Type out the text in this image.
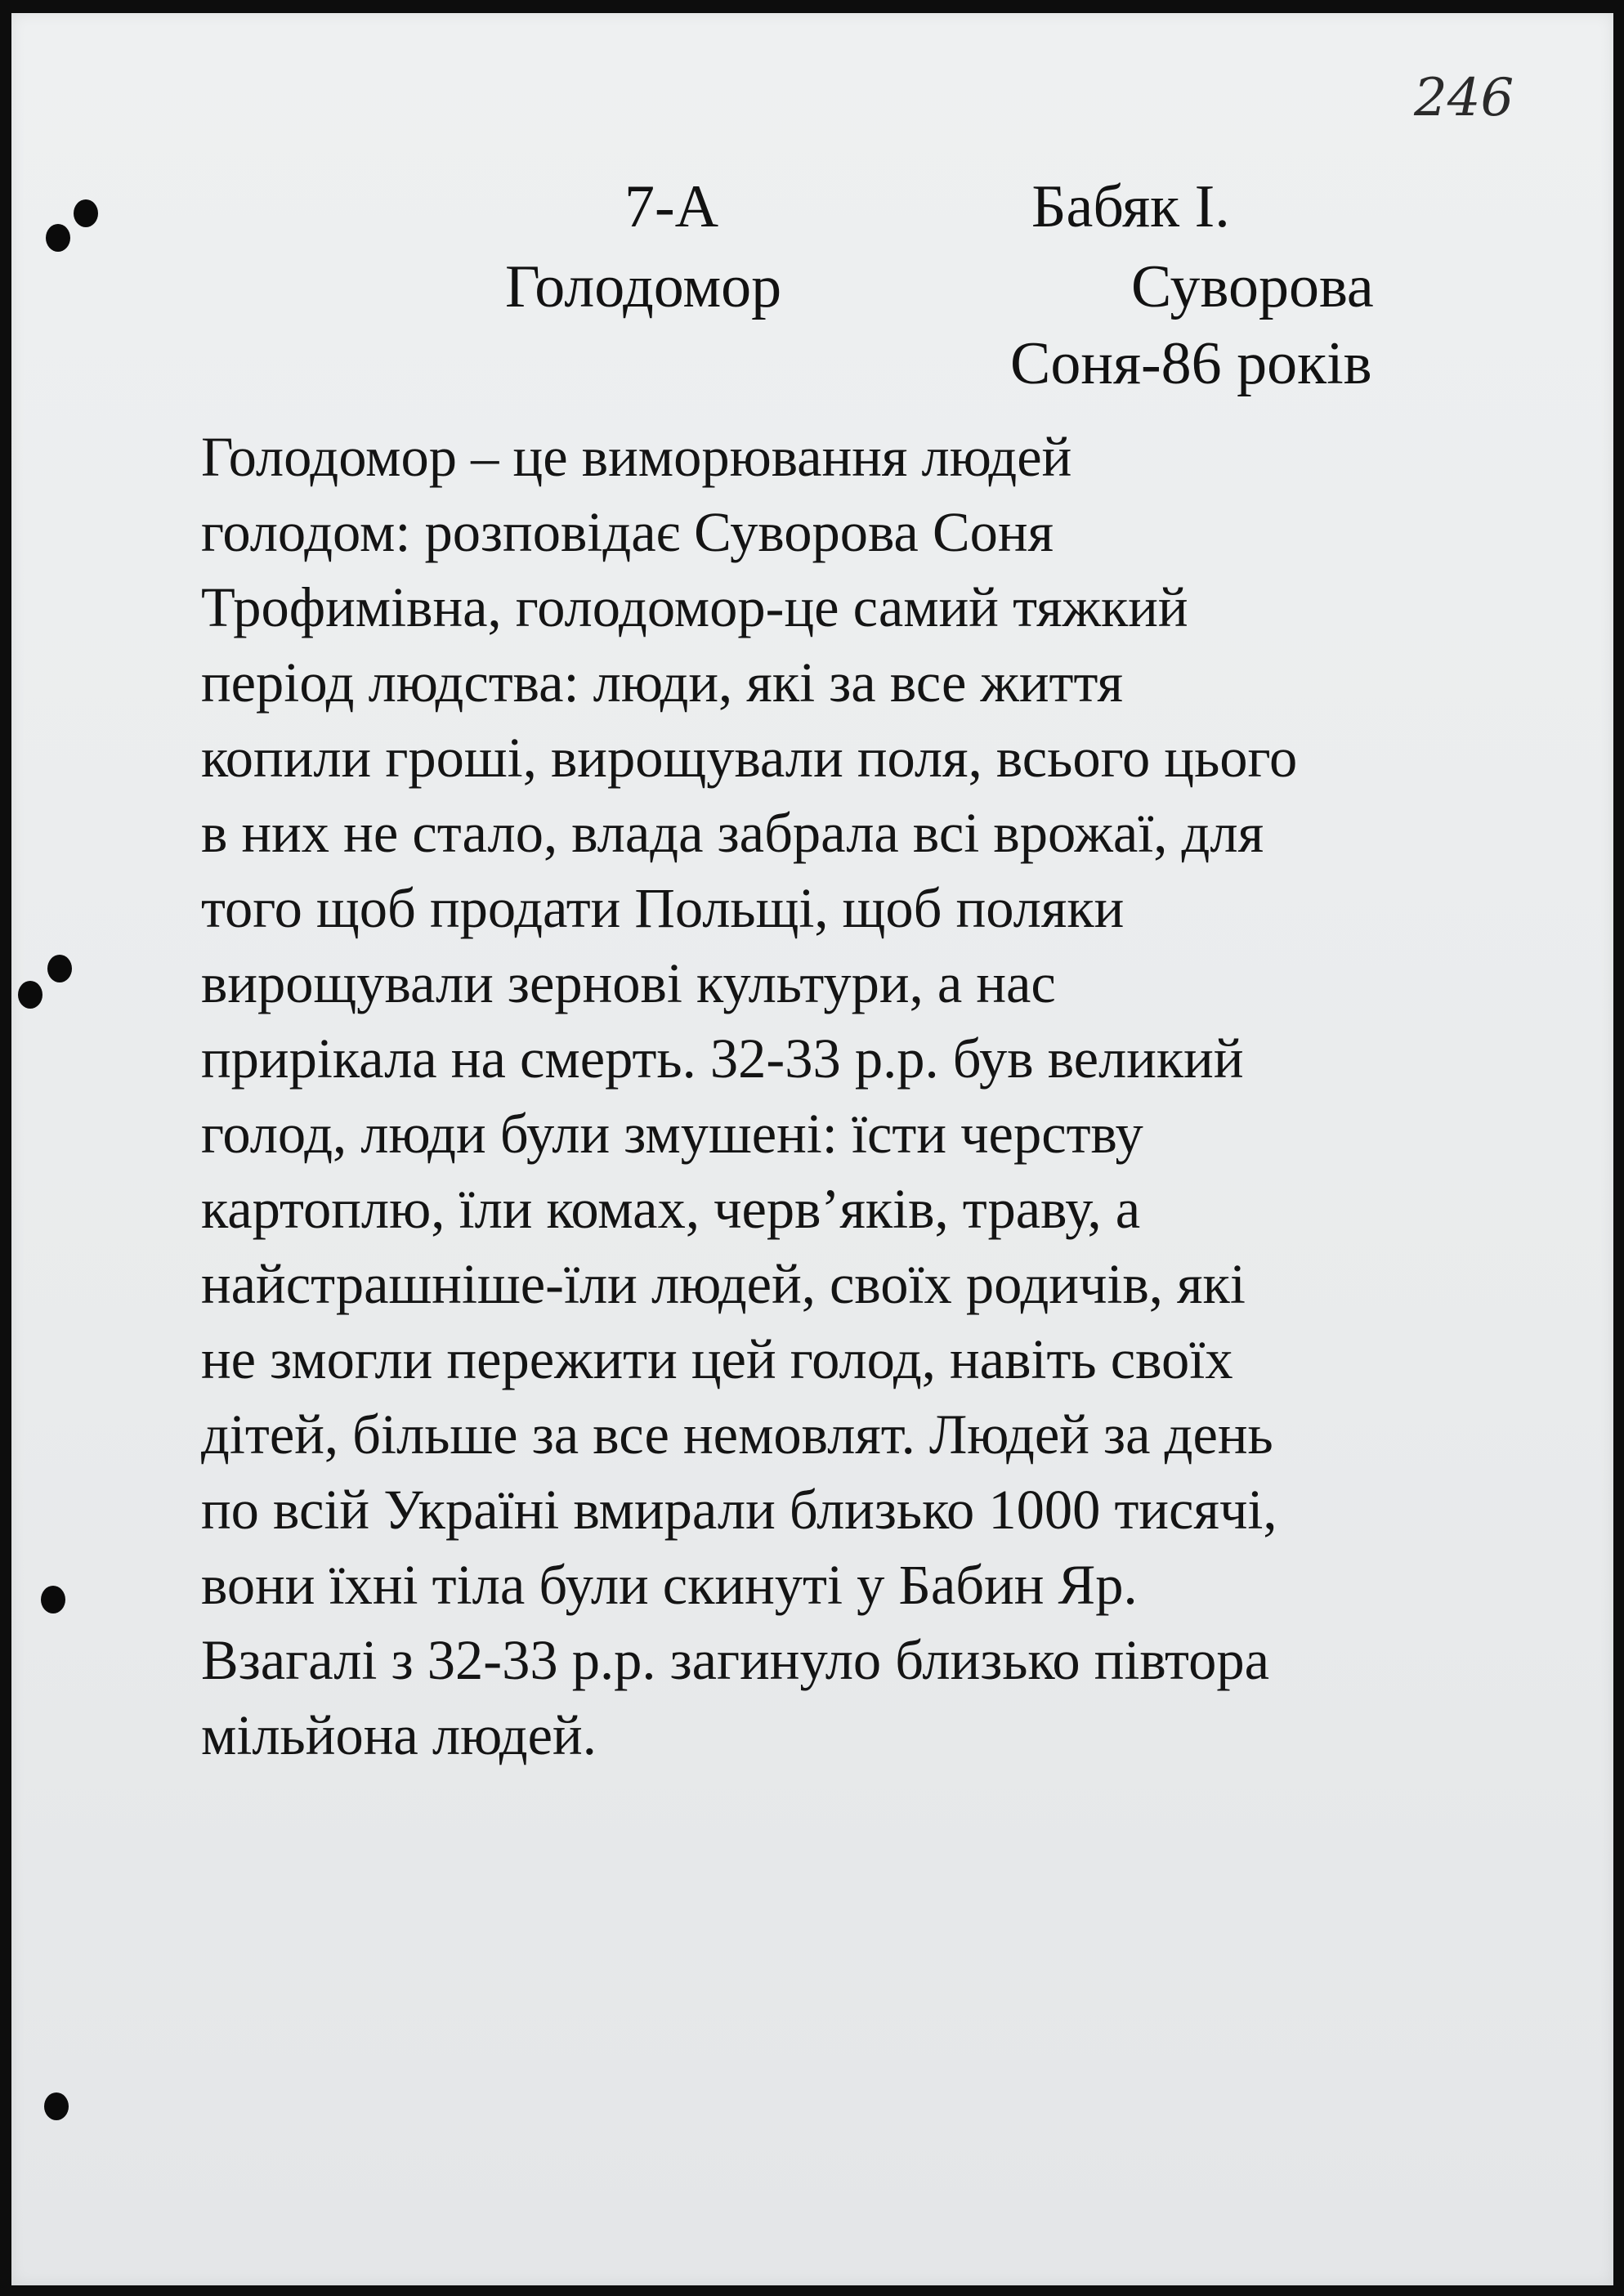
246
7-А	Бабяк І.
Голодомор	Суворова
Соня-86 років
Голодомор – це виморювання людей
голодом: розповідає Суворова Соня
Трофимівна, голодомор-це самий тяжкий
період людства: люди, які за все життя
копили гроші, вирощували поля, всього цього
в них не стало, влада забрала всі врожаї, для
того щоб продати Польщі, щоб поляки
вирощували зернові культури, а нас
прирікала на смерть. 32-33 р.р. був великий
голод, люди були змушені: їсти черству
картоплю, їли комах, черв’яків, траву, а
найстрашніше-їли людей, своїх родичів, які
не змогли пережити цей голод, навіть своїх
дітей, більше за все немовлят. Людей за день
по всій Україні вмирали близько 1000 тисячі,
вони їхні тіла були скинуті у Бабин Яр.
Взагалі з 32-33 р.р. загинуло близько півтора
мільйона людей.
